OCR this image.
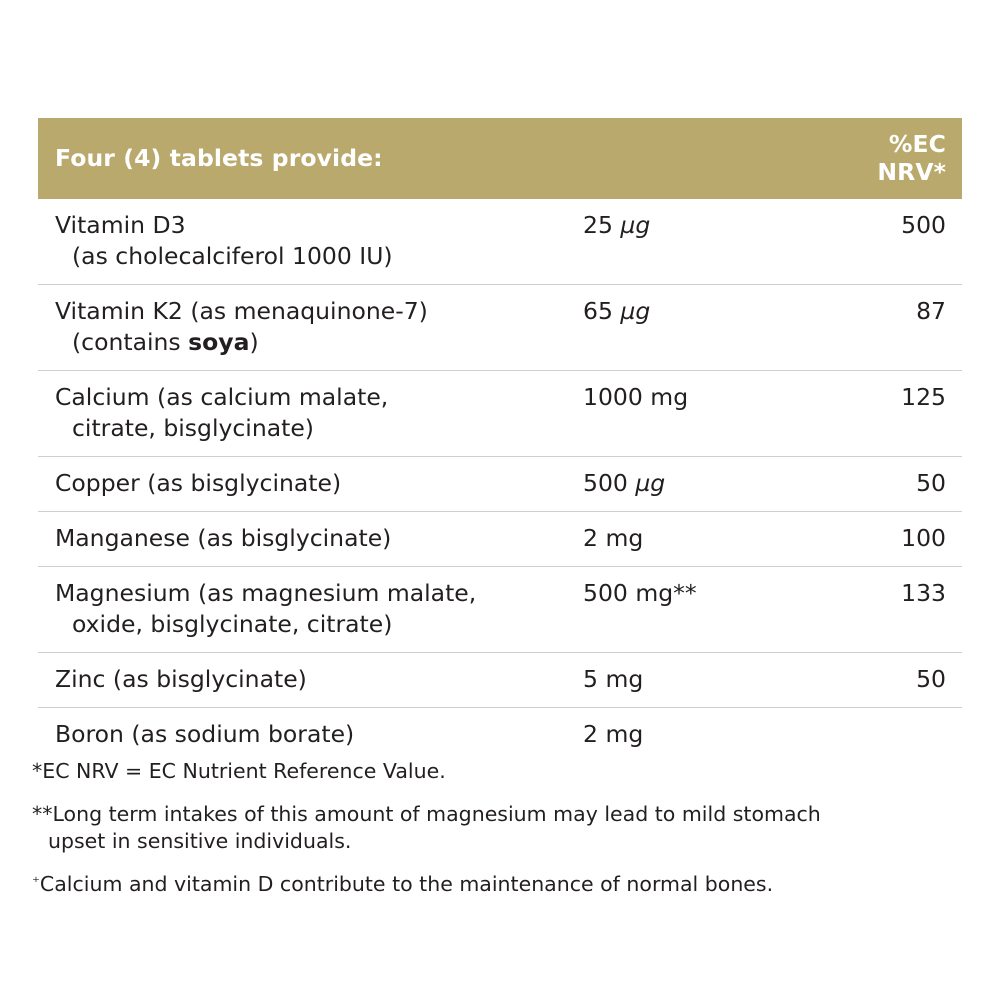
Four (4) tablets provide:		%EC NRV*
Vitamin D3
(as cholecalciferol 1000 IU)	25 µg	500
Vitamin K2 (as menaquinone-7)
(contains soya)	65 µg	87
Calcium (as calcium malate,
citrate, bisglycinate)	1000 mg	125
Copper (as bisglycinate)	500 µg	50
Manganese (as bisglycinate)	2 mg	100
Magnesium (as magnesium malate,
oxide, bisglycinate, citrate)	500 mg**	133
Zinc (as bisglycinate)	5 mg	50
Boron (as sodium borate)	2 mg	
*EC NRV = EC Nutrient Reference Value.
**Long term intakes of this amount of magnesium may lead to mild stomach
upset in sensitive individuals.
⁺Calcium and vitamin D contribute to the maintenance of normal bones.
